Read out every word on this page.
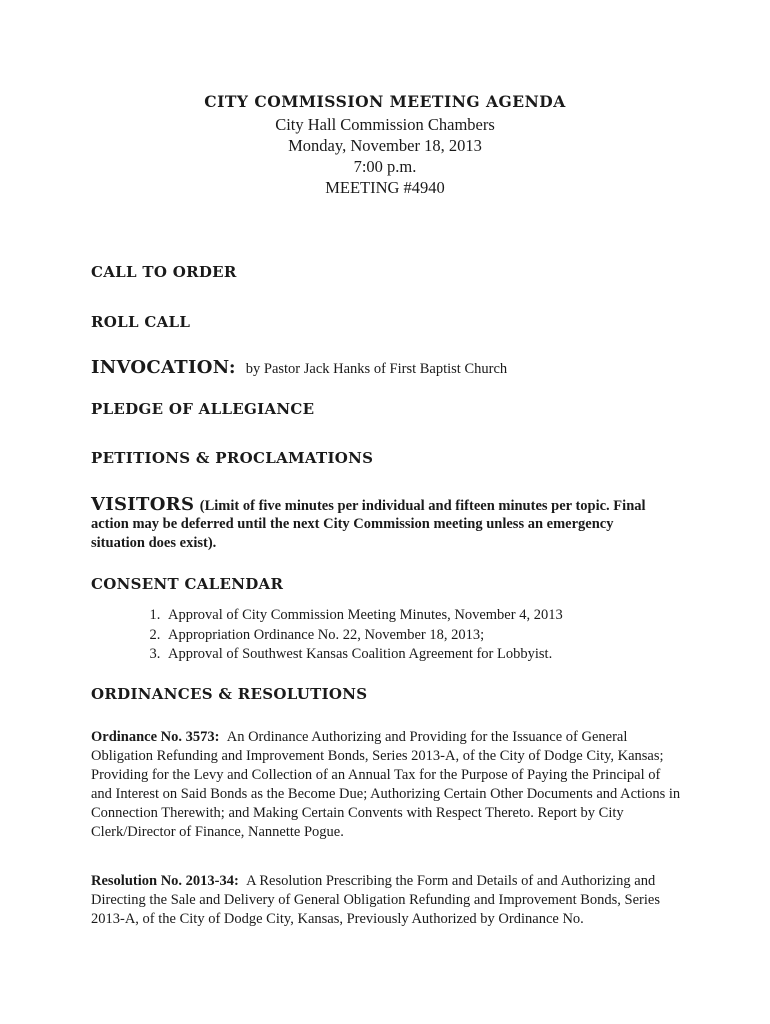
CITY COMMISSION MEETING AGENDA
City Hall Commission Chambers
Monday, November 18, 2013
7:00 p.m.
MEETING #4940
CALL TO ORDER
ROLL CALL
INVOCATION: by Pastor Jack Hanks of First Baptist Church
PLEDGE OF ALLEGIANCE
PETITIONS & PROCLAMATIONS
VISITORS (Limit of five minutes per individual and fifteen minutes per topic. Final
action may be deferred until the next City Commission meeting unless an emergency situation does exist).
CONSENT CALENDAR
1. Approval of City Commission Meeting Minutes, November 4, 2013
2. Appropriation Ordinance No. 22, November 18, 2013;
3. Approval of Southwest Kansas Coalition Agreement for Lobbyist.
ORDINANCES & RESOLUTIONS
Ordinance No. 3573: An Ordinance Authorizing and Providing for the Issuance of General Obligation Refunding and Improvement Bonds, Series 2013-A, of the City of Dodge City, Kansas; Providing for the Levy and Collection of an Annual Tax for the Purpose of Paying the Principal of and Interest on Said Bonds as the Become Due; Authorizing Certain Other Documents and Actions in Connection Therewith; and Making Certain Convents with Respect Thereto. Report by City Clerk/Director of Finance, Nannette Pogue.
Resolution No. 2013-34: A Resolution Prescribing the Form and Details of and Authorizing and Directing the Sale and Delivery of General Obligation Refunding and Improvement Bonds, Series 2013-A, of the City of Dodge City, Kansas, Previously Authorized by Ordinance No.
